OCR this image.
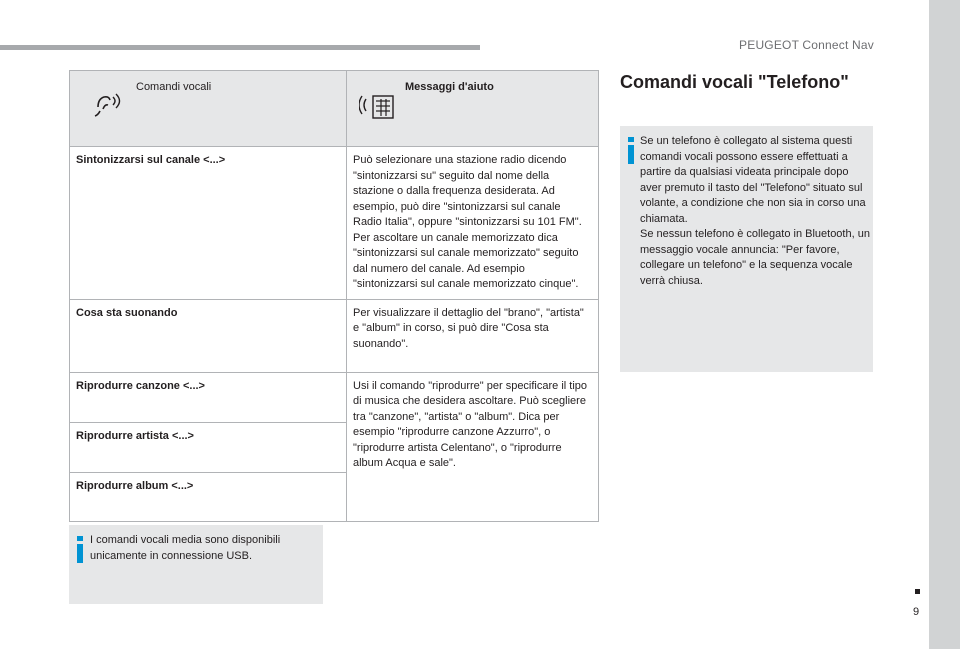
PEUGEOT Connect Nav
9
Comandi vocali	Messaggi d'aiuto

Sintonizzarsi sul canale <...>	Può selezionare una stazione radio dicendo "sintonizzarsi su" seguito dal nome della stazione o dalla frequenza desiderata. Ad esempio, può dire "sintonizzarsi sul canale Radio Italia", oppure "sintonizzarsi su 101 FM". Per ascoltare un canale memorizzato dica "sintonizzarsi sul canale memorizzato" seguito dal numero del canale. Ad esempio "sintonizzarsi sul canale memorizzato cinque".
Cosa sta suonando	Per visualizzare il dettaglio del "brano", "artista" e "album" in corso, si può dire "Cosa sta suonando".
Riprodurre canzone <...>	Usi il comando "riprodurre" per specificare il tipo di musica che desidera ascoltare. Può scegliere tra "canzone", "artista" o "album". Dica per esempio "riprodurre canzone Azzurro", o "riprodurre artista Celentano", o "riprodurre album Acqua e sale".
Riprodurre artista <...>	
Riprodurre album <...>	
I comandi vocali media sono disponibili unicamente in connessione USB.
Comandi vocali "Telefono"
Se un telefono è collegato al sistema questi comandi vocali possono essere effettuati a partire da qualsiasi videata principale dopo aver premuto il tasto del "Telefono" situato sul volante, a condizione che non sia in corso una chiamata.
Se nessun telefono è collegato in Bluetooth, un messaggio vocale annuncia: "Per favore, collegare un telefono" e la sequenza vocale verrà chiusa.
